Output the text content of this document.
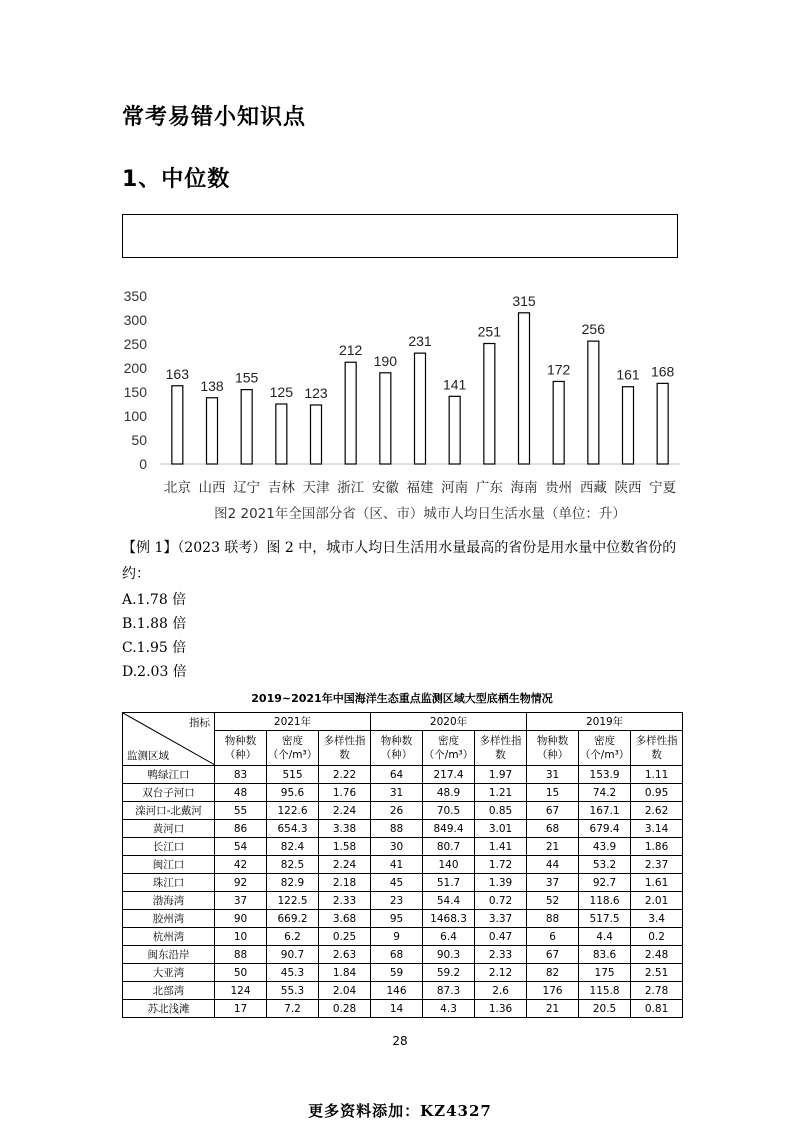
常考易错小知识点
1、中位数
0
50
100
150
200
250
300
350
163
北京
138
山西
155
辽宁
125
吉林
123
天津
212
浙江
190
安徽
231
福建
141
河南
251
广东
315
海南
172
贵州
256
西藏
161
陕西
168
宁夏
图2 2021年全国部分省（区、市）城市人均日生活水量（单位：升）
【例 1】（2023 联考）图 2 中，城市人均日生活用水量最高的省份是用水量中位数省份的约：
A.1.78 倍
B.1.88 倍
C.1.95 倍
D.2.03 倍
2019~2021年中国海洋生态重点监测区域大型底栖生物情况
指标
监测区域	2021年			2020年			2019年		
	物种数（种）	密度（个/m³）	多样性指数	物种数（种）	密度（个/m³）	多样性指数	物种数（种）	密度（个/m³）	多样性指数
鸭绿江口	83	515	2.22	64	217.4	1.97	31	153.9	1.11
双台子河口	48	95.6	1.76	31	48.9	1.21	15	74.2	0.95
滦河口-北戴河	55	122.6	2.24	26	70.5	0.85	67	167.1	2.62
黄河口	86	654.3	3.38	88	849.4	3.01	68	679.4	3.14
长江口	54	82.4	1.58	30	80.7	1.41	21	43.9	1.86
闽江口	42	82.5	2.24	41	140	1.72	44	53.2	2.37
珠江口	92	82.9	2.18	45	51.7	1.39	37	92.7	1.61
渤海湾	37	122.5	2.33	23	54.4	0.72	52	118.6	2.01
胶州湾	90	669.2	3.68	95	1468.3	3.37	88	517.5	3.4
杭州湾	10	6.2	0.25	9	6.4	0.47	6	4.4	0.2
闽东沿岸	88	90.7	2.63	68	90.3	2.33	67	83.6	2.48
大亚湾	50	45.3	1.84	59	59.2	2.12	82	175	2.51
北部湾	124	55.3	2.04	146	87.3	2.6	176	115.8	2.78
苏北浅滩	17	7.2	0.28	14	4.3	1.36	21	20.5	0.81
28
更多资料添加：KZ4327
